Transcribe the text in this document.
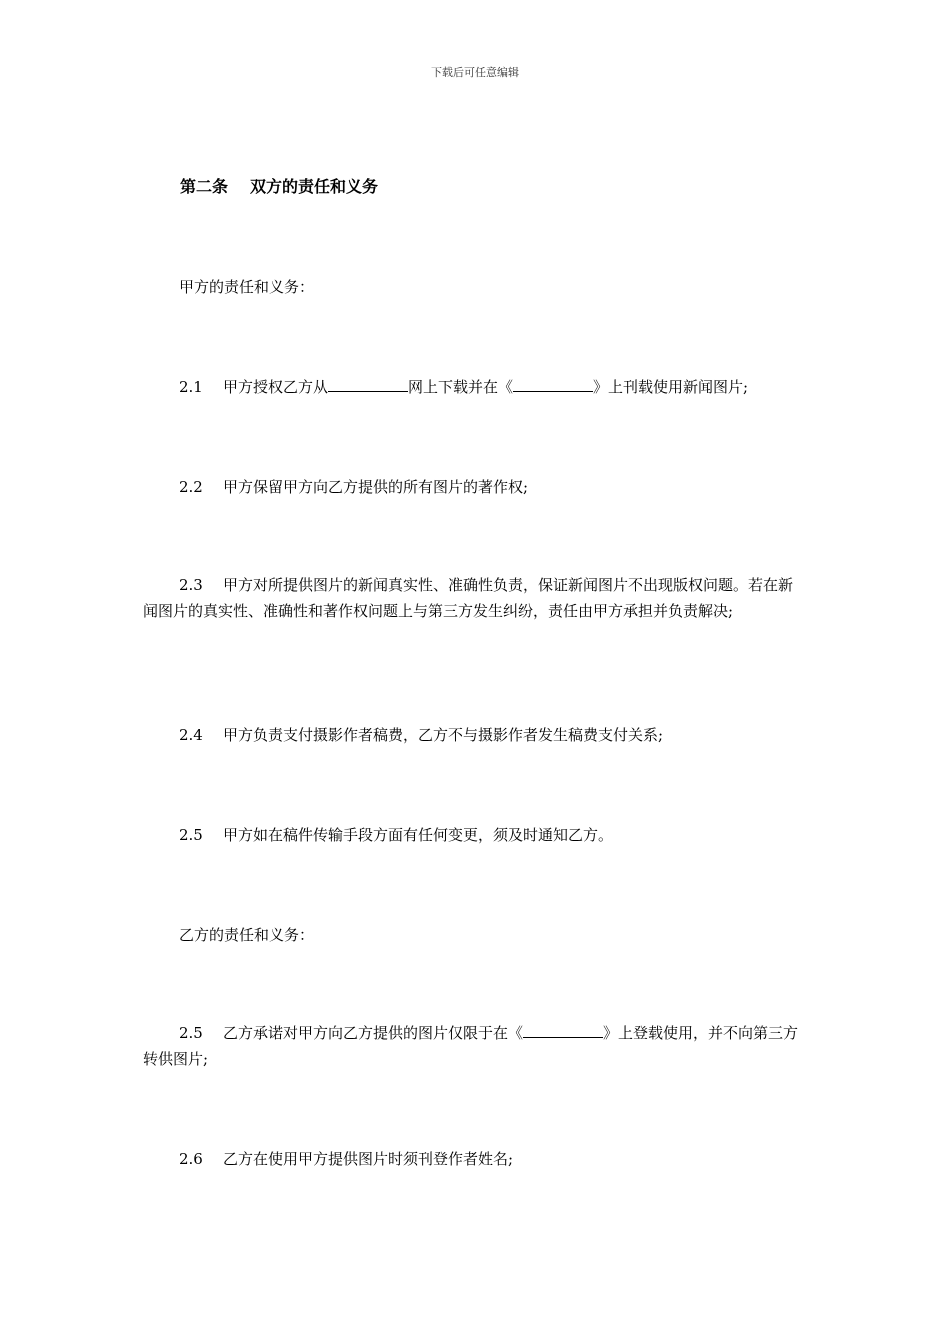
下载后可任意编辑
第二条 双方的责任和义务
甲方的责任和义务：
2.1 甲方授权乙方从	网上下载并在《	》上刊载使用新闻图片;
2.2 甲方保留甲方向乙方提供的所有图片的著作权;
2.3 甲方对所提供图片的新闻真实性、准确性负责，保证新闻图片不出现版权问题。若在新闻图片的真实性、准确性和著作权问题上与第三方发生纠纷，责任由甲方承担并负责解决;
2.4 甲方负责支付摄影作者稿费，乙方不与摄影作者发生稿费支付关系;
2.5 甲方如在稿件传输手段方面有任何变更，须及时通知乙方。
乙方的责任和义务：
2.5 乙方承诺对甲方向乙方提供的图片仅限于在《	》上登载使用，并不向第三方转供图片;
2.6 乙方在使用甲方提供图片时须刊登作者姓名;
